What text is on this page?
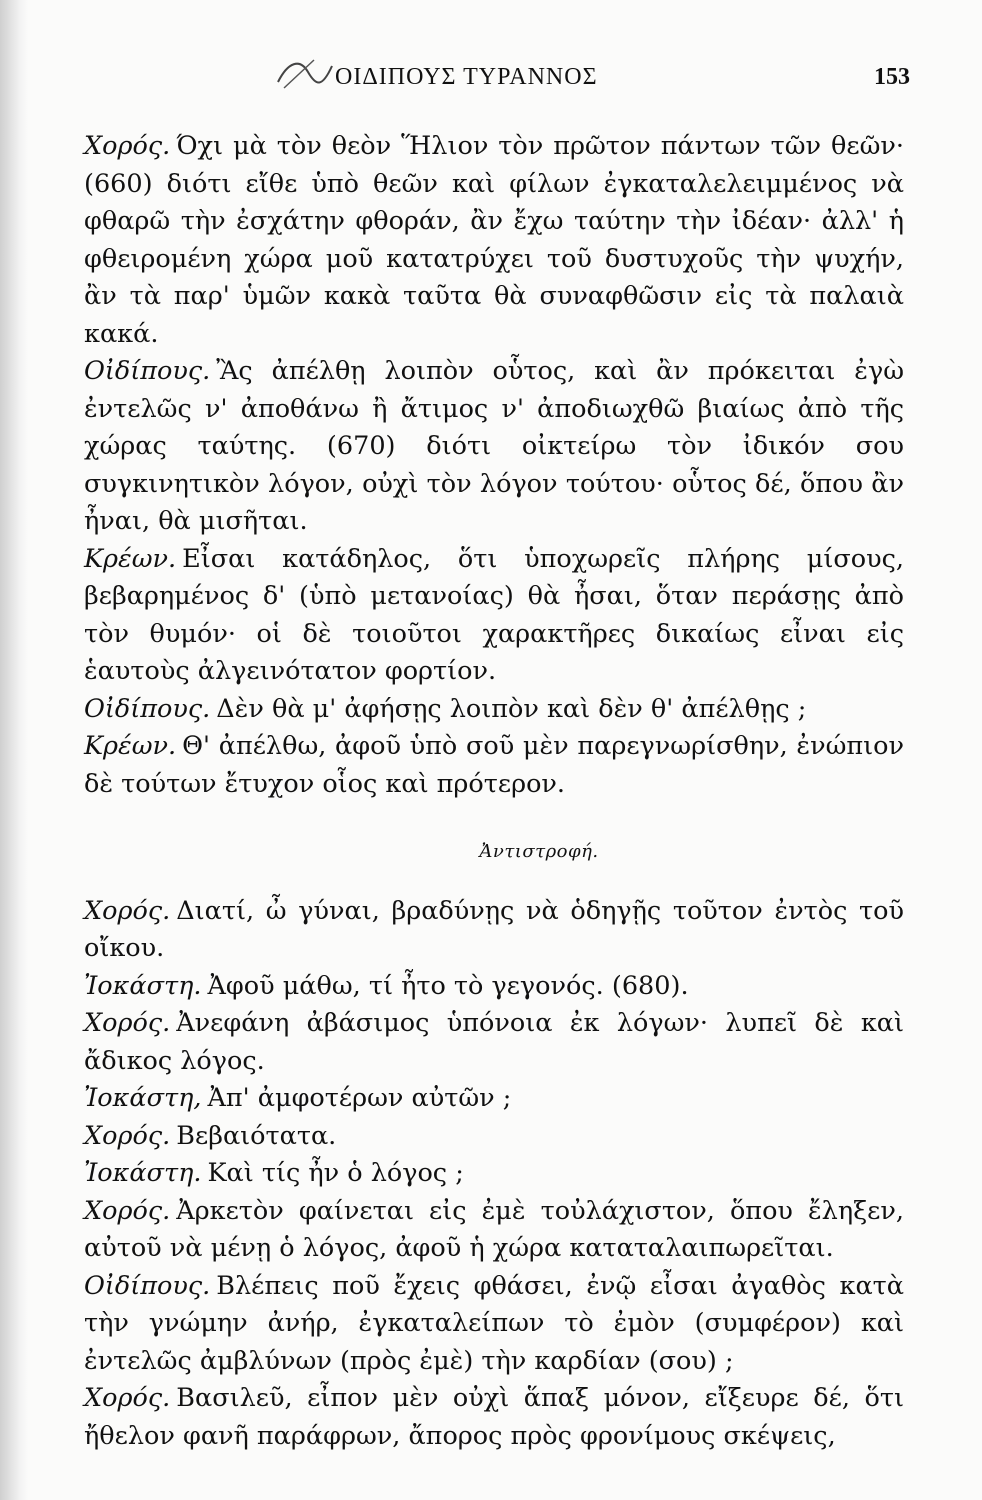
ΟΙΔΙΠΟΥΣ ΤΥΡΑΝΝΟΣ	153

Χορός. Όχι μὰ τὸν θεὸν Ἥλιον τὸν πρῶτον πάντων τῶν θεῶν· (660) διότι εἴθε ὑπὸ θεῶν καὶ φίλων ἐγκαταλελειμμένος νὰ φθαρῶ τὴν ἐσχάτην φθοράν, ἂν ἔχω ταύτην τὴν ἰδέαν· ἀλλ' ἡ φθειρομένη χώρα μοῦ κατατρύχει τοῦ δυστυχοῦς τὴν ψυχήν, ἂν τὰ παρ' ὑμῶν κακὰ ταῦτα θὰ συναφθῶσιν εἰς τὰ παλαιὰ κακά.

Οἰδίπους. Ἂς ἀπέλθῃ λοιπὸν οὗτος, καὶ ἂν πρόκειται ἐγὼ ἐντελῶς ν' ἀποθάνω ἢ ἄτιμος ν' ἀποδιωχθῶ βιαίως ἀπὸ τῆς χώρας ταύτης. (670) διότι οἰκτείρω τὸν ἰδικόν σου συγκινητικὸν λόγον, οὐχὶ τὸν λόγον τούτου· οὗτος δέ, ὅπου ἂν ἦναι, θὰ μισῆται.

Κρέων. Εἶσαι κατάδηλος, ὅτι ὑποχωρεῖς πλήρης μίσους, βεβαρημένος δ' (ὑπὸ μετανοίας) θὰ ἦσαι, ὅταν περάσῃς ἀπὸ τὸν θυμόν· οἱ δὲ τοιοῦτοι χαρακτῆρες δικαίως εἶναι εἰς ἑαυτοὺς ἀλγεινότατον φορτίον.

Οἰδίπους. Δὲν θὰ μ' ἀφήσῃς λοιπὸν καὶ δὲν θ' ἀπέλθῃς ;

Κρέων. Θ' ἀπέλθω, ἀφοῦ ὑπὸ σοῦ μὲν παρεγνωρίσθην, ἐνώπιον δὲ τούτων ἔτυχον οἷος καὶ πρότερον.

Ἀντιστροφή.

Χορός. Διατί, ὦ γύναι, βραδύνῃς νὰ ὁδηγῇς τοῦτον ἐντὸς τοῦ οἴκου.

Ἰοκάστη. Ἀφοῦ μάθω, τί ἦτο τὸ γεγονός. (680).

Χορός. Ἀνεφάνη ἀβάσιμος ὑπόνοια ἐκ λόγων· λυπεῖ δὲ καὶ ἄδικος λόγος.

Ἰοκάστη, Ἀπ' ἀμφοτέρων αὐτῶν ;

Χορός. Βεβαιότατα.

Ἰοκάστη. Καὶ τίς ἦν ὁ λόγος ;

Χορός. Ἀρκετὸν φαίνεται εἰς ἐμὲ τοὐλάχιστον, ὅπου ἔληξεν, αὐτοῦ νὰ μένῃ ὁ λόγος, ἀφοῦ ἡ χώρα καταταλαιπωρεῖται.

Οἰδίπους. Βλέπεις ποῦ ἔχεις φθάσει, ἐνῷ εἶσαι ἀγαθὸς κατὰ τὴν γνώμην ἀνήρ, ἐγκαταλείπων τὸ ἐμὸν (συμφέρον) καὶ ἐντελῶς ἀμβλύνων (πρὸς ἐμὲ) τὴν καρδίαν (σου) ;

Χορός. Βασιλεῦ, εἶπον μὲν οὐχὶ ἅπαξ μόνον, εἴξευρε δέ, ὅτι ἤθελον φανῆ παράφρων, ἄπορος πρὸς φρονίμους σκέψεις,
